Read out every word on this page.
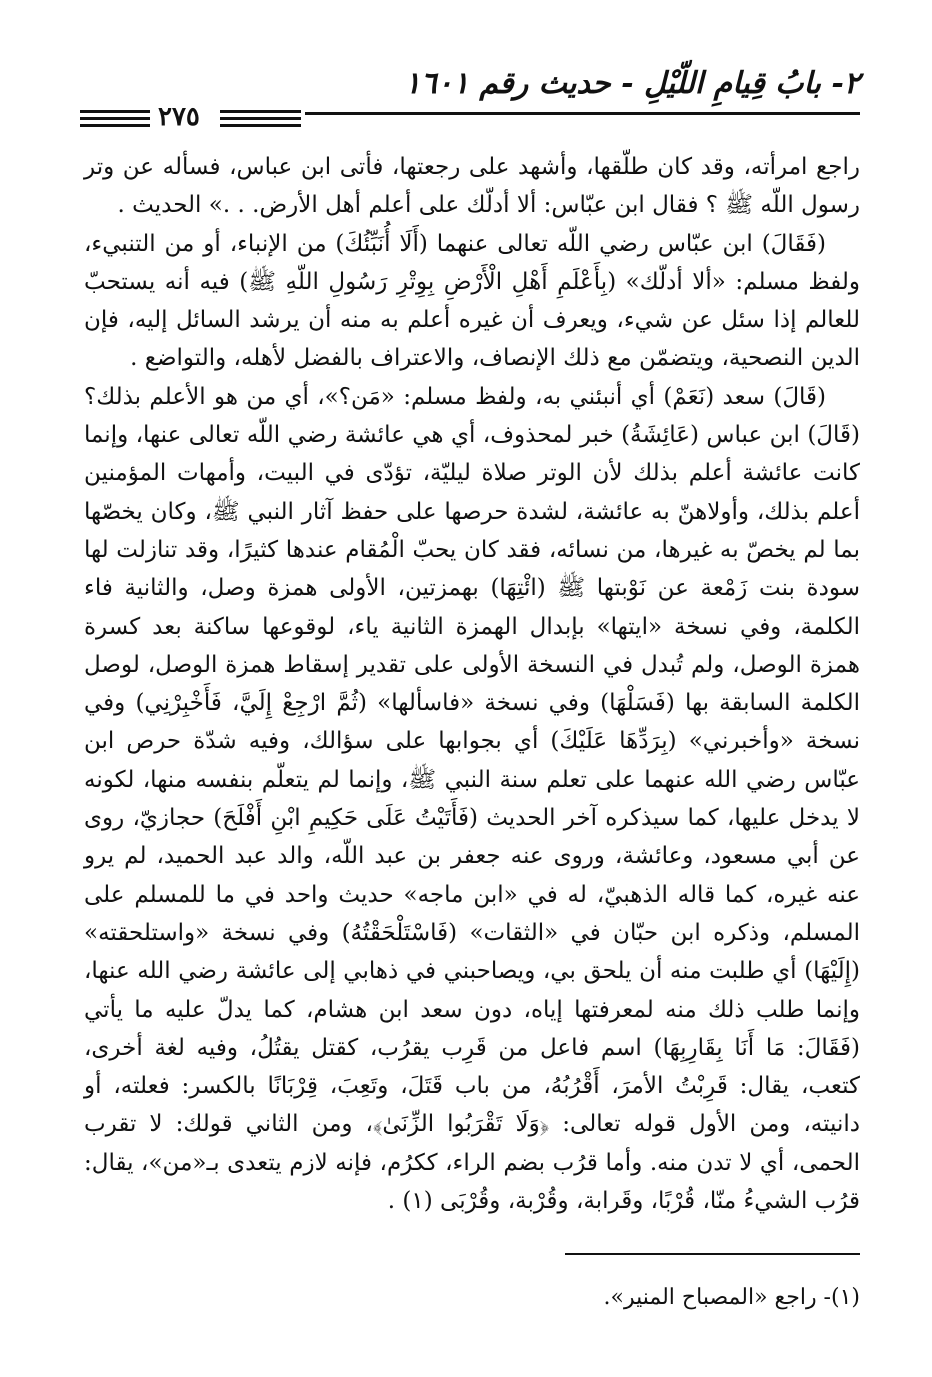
٢- بابُ قِيامِ اللّيْلِ - حديث رقم ١٦٠١
٢٧٥

راجع امرأته، وقد كان طلّقها، وأشهد على رجعتها، فأتى ابن عباس، فسأله عن وتر رسول اللّه ﷺ ؟ فقال ابن عبّاس: ألا أدلّك على أعلم أهل الأرض. . .» الحديث .

(فَقَالَ) ابن عبّاس رضي اللّه تعالى عنهما (أَلَا أُنَبِّئُكَ) من الإنباء، أو من التنبيء، ولفظ مسلم: «ألا أدلّك» (بِأَعْلَمِ أَهْلِ الْأَرْضِ بِوِتْرِ رَسُولِ اللّهِ ﷺ) فيه أنه يستحبّ للعالم إذا سئل عن شيء، ويعرف أن غيره أعلم به منه أن يرشد السائل إليه، فإن الدين النصحية، ويتضمّن مع ذلك الإنصاف، والاعتراف بالفضل لأهله، والتواضع .

(قَالَ) سعد (نَعَمْ) أي أنبئني به، ولفظ مسلم: «مَن؟»، أي من هو الأعلم بذلك؟ (قَالَ) ابن عباس (عَائِشَةُ) خبر لمحذوف، أي هي عائشة رضي اللّه تعالى عنها، وإنما كانت عائشة أعلم بذلك لأن الوتر صلاة ليليّة، تؤدّى في البيت، وأمهات المؤمنين أعلم بذلك، وأولاهنّ به عائشة، لشدة حرصها على حفظ آثار النبي ﷺ، وكان يخصّها بما لم يخصّ به غيرها، من نسائه، فقد كان يحبّ الْمُقام عندها كثيرًا، وقد تنازلت لها سودة بنت زَمْعة عن نَوْبتها ﷺ (ائْتِهَا) بهمزتين، الأولى همزة وصل، والثانية فاء الكلمة، وفي نسخة «ايتها» بإبدال الهمزة الثانية ياء، لوقوعها ساكنة بعد كسرة همزة الوصل، ولم تُبدل في النسخة الأولى على تقدير إسقاط همزة الوصل، لوصل الكلمة السابقة بها (فَسَلْهَا) وفي نسخة «فاسألها» (ثُمَّ ارْجِعْ إِلَيَّ، فَأَخْبِرْنِي) وفي نسخة «وأخبرني» (بِرَدِّهَا عَلَيْكَ) أي بجوابها على سؤالك، وفيه شدّة حرص ابن عبّاس رضي الله عنهما على تعلم سنة النبي ﷺ، وإنما لم يتعلّم بنفسه منها، لكونه لا يدخل عليها، كما سيذكره آخر الحديث (فَأَتَيْتُ عَلَى حَكِيمِ ابْنِ أَفْلَحَ) حجازيّ، روى عن أبي مسعود، وعائشة، وروى عنه جعفر بن عبد اللّه، والد عبد الحميد، لم يرو عنه غيره، كما قاله الذهبيّ، له في «ابن ماجه» حديث واحد في ما للمسلم على المسلم، وذكره ابن حبّان في «الثقات» (فَاسْتَلْحَقْتُهُ) وفي نسخة «واستلحقته» (إِلَيْهَا) أي طلبت منه أن يلحق بي، ويصاحبني في ذهابي إلى عائشة رضي الله عنها، وإنما طلب ذلك منه لمعرفتها إياه، دون سعد ابن هشام، كما يدلّ عليه ما يأتي (فَقَالَ: مَا أَنَا بِقَارِبِهَا) اسم فاعل من قَرِب يقرُب، كقتل يقتُلُ، وفيه لغة أخرى، كتعب، يقال: قَرِبْتُ الأمرَ، أَقْرُبُهُ، من باب قَتَلَ، وتَعِبَ، قِرْبَانًا بالكسر: فعلته، أو دانيته، ومن الأول قوله تعالى: ﴿وَلَا تَقْرَبُوا الزِّنَىٰ﴾، ومن الثاني قولك: لا تقرب الحمى، أي لا تدن منه. وأما قرُب بضم الراء، ككرُم، فإنه لازم يتعدى بـ«من»، يقال: قرُب الشيءُ منّا، قُرْبًا، وقَرابة، وقُرْبة، وقُرْبَى (١) .

(١)- راجع «المصباح المنير».
